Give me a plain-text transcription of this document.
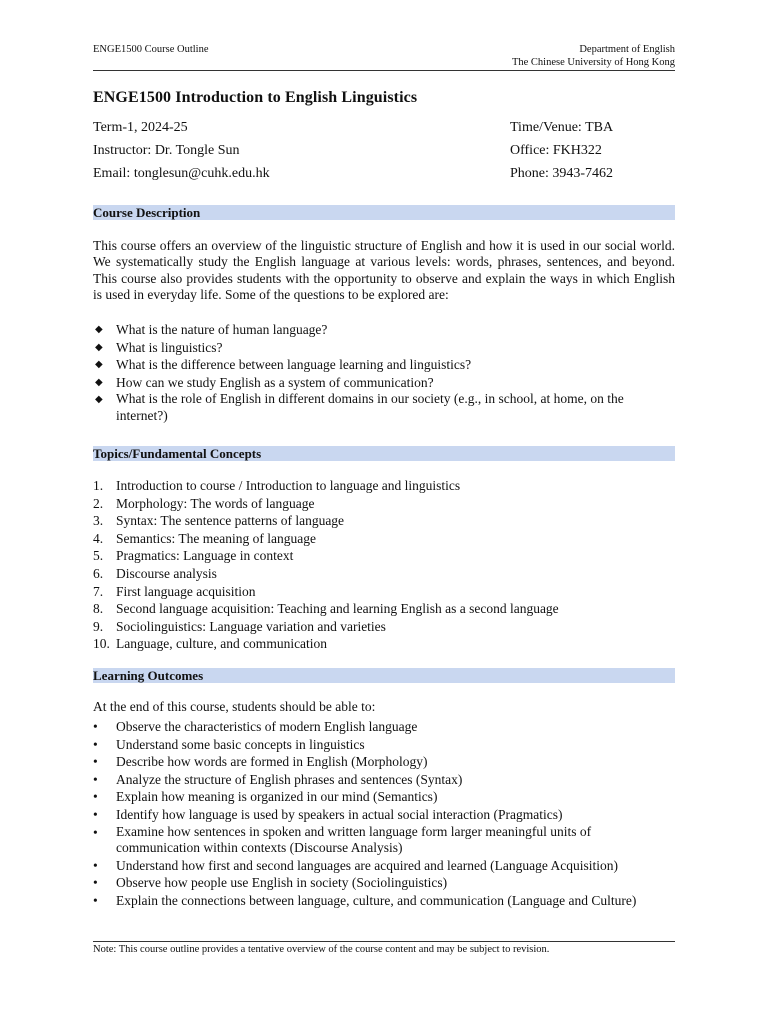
ENGE1500 Course Outline	Department of English
The Chinese University of Hong Kong
ENGE1500 Introduction to English Linguistics
Term-1, 2024-25	Time/Venue: TBA
Instructor: Dr. Tongle Sun	Office: FKH322
Email: tonglesun@cuhk.edu.hk	Phone: 3943-7462
Course Description
This course offers an overview of the linguistic structure of English and how it is used in our social world. We systematically study the English language at various levels: words, phrases, sentences, and beyond. This course also provides students with the opportunity to observe and explain the ways in which English is used in everyday life. Some of the questions to be explored are:
◆ What is the nature of human language?
◆ What is linguistics?
◆ What is the difference between language learning and linguistics?
◆ How can we study English as a system of communication?
◆ What is the role of English in different domains in our society (e.g., in school, at home, on the internet?)
Topics/Fundamental Concepts
1. Introduction to course / Introduction to language and linguistics
2. Morphology: The words of language
3. Syntax: The sentence patterns of language
4. Semantics: The meaning of language
5. Pragmatics: Language in context
6. Discourse analysis
7. First language acquisition
8. Second language acquisition: Teaching and learning English as a second language
9. Sociolinguistics: Language variation and varieties
10. Language, culture, and communication
Learning Outcomes
At the end of this course, students should be able to:
•	Observe the characteristics of modern English language
•	Understand some basic concepts in linguistics
•	Describe how words are formed in English (Morphology)
•	Analyze the structure of English phrases and sentences (Syntax)
•	Explain how meaning is organized in our mind (Semantics)
•	Identify how language is used by speakers in actual social interaction (Pragmatics)
•	Examine how sentences in spoken and written language form larger meaningful units of communication within contexts (Discourse Analysis)
•	Understand how first and second languages are acquired and learned (Language Acquisition)
•	Observe how people use English in society (Sociolinguistics)
•	Explain the connections between language, culture, and communication (Language and Culture)
Note: This course outline provides a tentative overview of the course content and may be subject to revision.
